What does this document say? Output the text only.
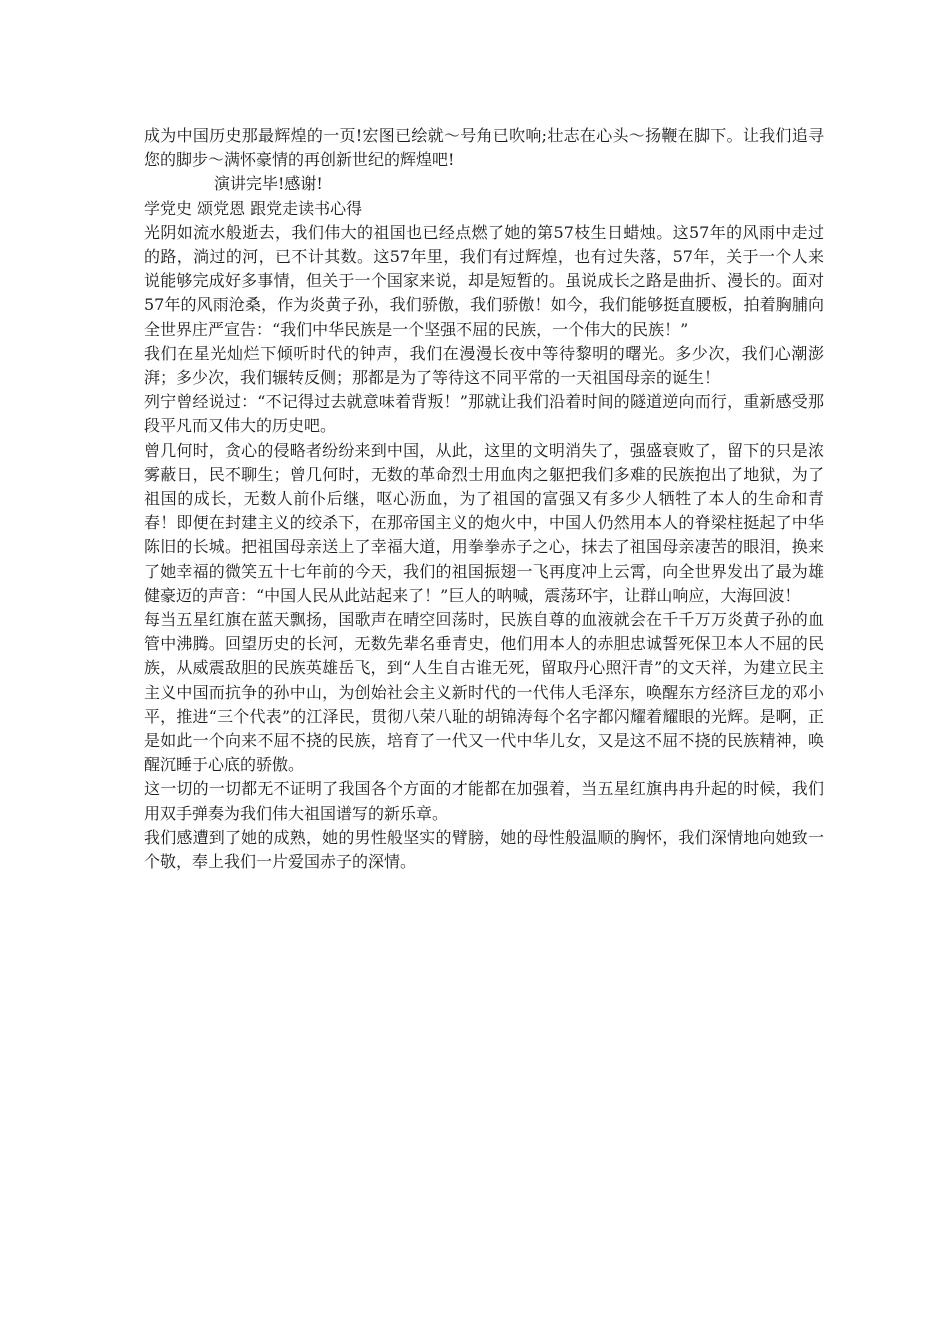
成为中国历史那最辉煌的一页!宏图已绘就～号角已吹响;壮志在心头～扬鞭在脚下。让我们追寻您的脚步～满怀豪情的再创新世纪的辉煌吧!

演讲完毕!感谢!

学党史 颂党恩 跟党走读书心得

光阴如流水般逝去，我们伟大的祖国也已经点燃了她的第57枝生日蜡烛。这57年的风雨中走过的路，淌过的河，已不计其数。这57年里，我们有过辉煌，也有过失落，57年，关于一个人来说能够完成好多事情，但关于一个国家来说，却是短暂的。虽说成长之路是曲折、漫长的。面对57年的风雨沧桑，作为炎黄子孙，我们骄傲，我们骄傲！如今，我们能够挺直腰板，拍着胸脯向全世界庄严宣告：“我们中华民族是一个坚强不屈的民族，一个伟大的民族！”

我们在星光灿烂下倾听时代的钟声，我们在漫漫长夜中等待黎明的曙光。多少次，我们心潮澎湃；多少次，我们辗转反侧；那都是为了等待这不同平常的一天祖国母亲的诞生！

列宁曾经说过：“不记得过去就意味着背叛！”那就让我们沿着时间的隧道逆向而行，重新感受那段平凡而又伟大的历史吧。

曾几何时，贪心的侵略者纷纷来到中国，从此，这里的文明消失了，强盛衰败了，留下的只是浓雾蔽日，民不聊生；曾几何时，无数的革命烈士用血肉之躯把我们多难的民族抱出了地狱，为了祖国的成长，无数人前仆后继，呕心沥血，为了祖国的富强又有多少人牺牲了本人的生命和青春！即便在封建主义的绞杀下，在那帝国主义的炮火中，中国人仍然用本人的脊梁柱挺起了中华陈旧的长城。把祖国母亲送上了幸福大道，用拳拳赤子之心，抹去了祖国母亲凄苦的眼泪，换来了她幸福的微笑五十七年前的今天，我们的祖国振翅一飞再度冲上云霄，向全世界发出了最为雄健豪迈的声音：“中国人民从此站起来了！”巨人的呐喊，震荡环宇，让群山响应，大海回波！

每当五星红旗在蓝天飘扬，国歌声在晴空回荡时，民族自尊的血液就会在千千万万炎黄子孙的血管中沸腾。回望历史的长河，无数先辈名垂青史，他们用本人的赤胆忠诚誓死保卫本人不屈的民族，从威震敌胆的民族英雄岳飞，到“人生自古谁无死，留取丹心照汗青”的文天祥，为建立民主主义中国而抗争的孙中山，为创始社会主义新时代的一代伟人毛泽东，唤醒东方经济巨龙的邓小平，推进“三个代表”的江泽民，贯彻八荣八耻的胡锦涛每个名字都闪耀着耀眼的光辉。是啊，正是如此一个向来不屈不挠的民族，培育了一代又一代中华儿女，又是这不屈不挠的民族精神，唤醒沉睡于心底的骄傲。

这一切的一切都无不证明了我国各个方面的才能都在加强着，当五星红旗冉冉升起的时候，我们用双手弹奏为我们伟大祖国谱写的新乐章。

我们感遭到了她的成熟，她的男性般坚实的臂膀，她的母性般温顺的胸怀，我们深情地向她致一个敬，奉上我们一片爱国赤子的深情。
